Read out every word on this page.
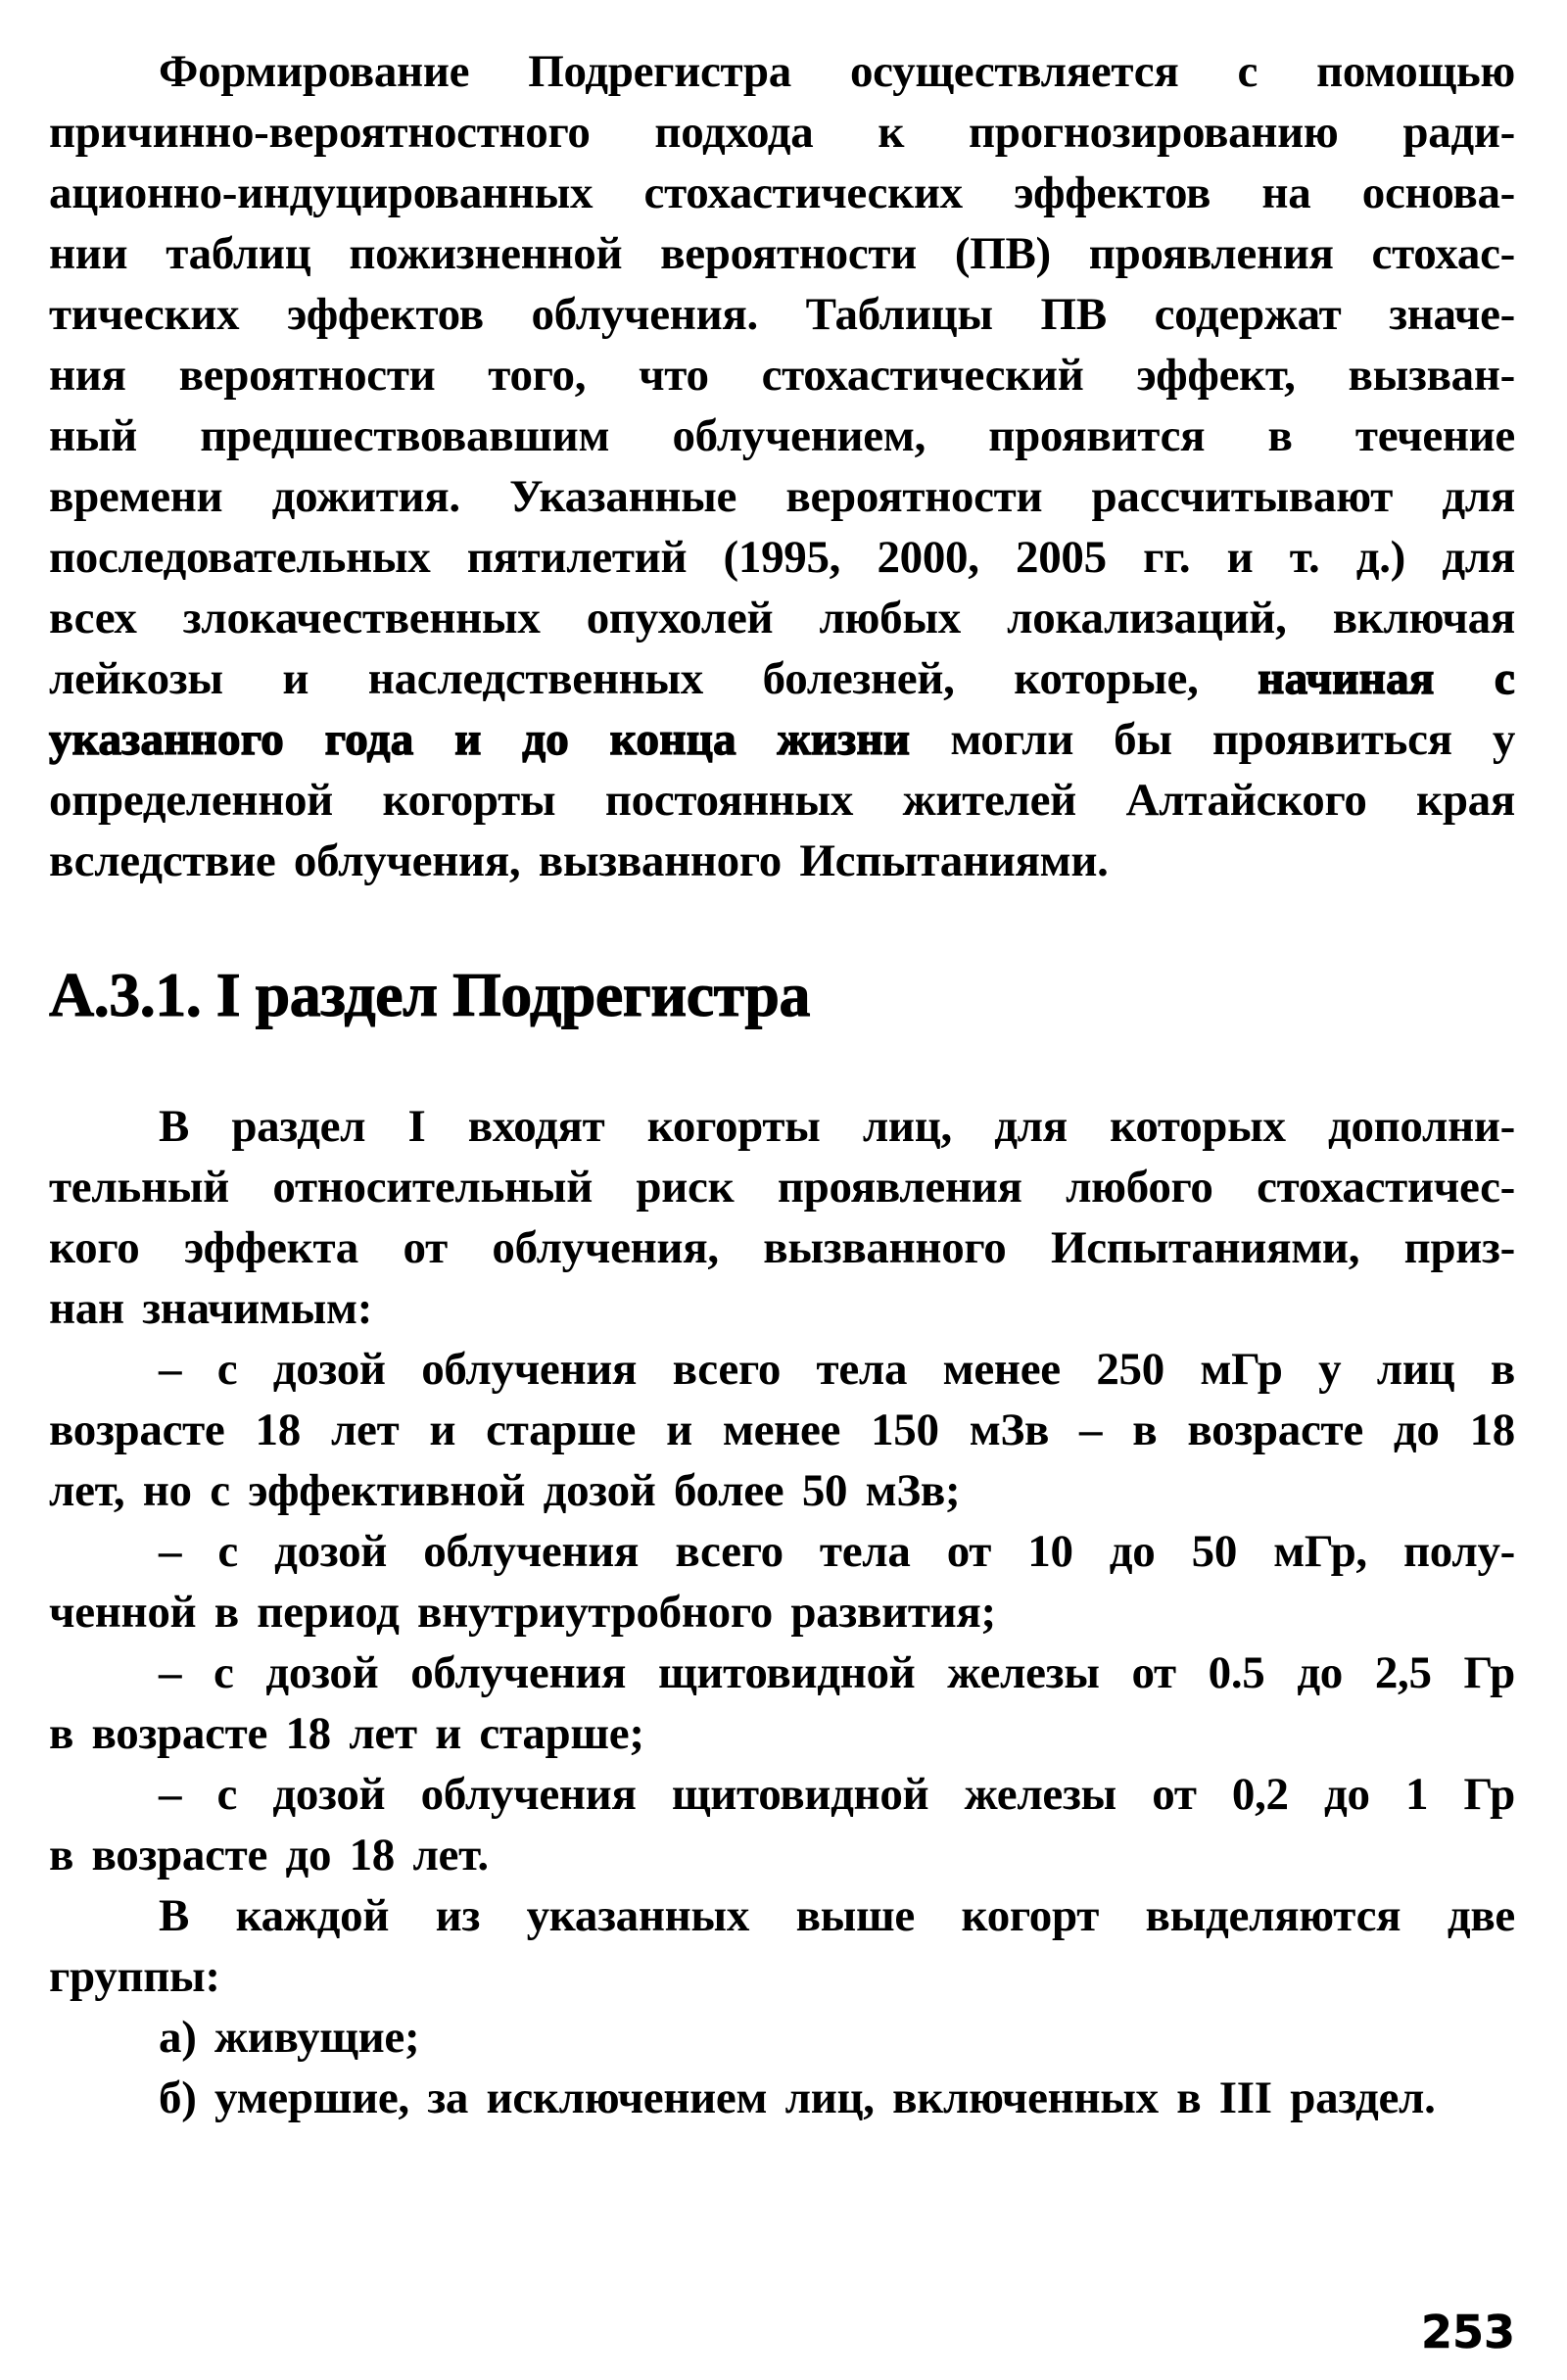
Формирование Подрегистра осуществляется с помощью
причинно-вероятностного подхода к прогнозированию ради-
ационно-индуцированных стохастических эффектов на основа-
нии таблиц пожизненной вероятности (ПВ) проявления стохас-
тических эффектов облучения. Таблицы ПВ содержат значе-
ния вероятности того, что стохастический эффект, вызван-
ный предшествовавшим облучением, проявится в течение
времени дожития. Указанные вероятности рассчитывают для
последовательных пятилетий (1995, 2000, 2005 гг. и т. д.) для
всех злокачественных опухолей любых локализаций, включая
лейкозы и наследственных болезней, которые, начиная с
указанного года и до конца жизни могли бы проявиться у
определенной когорты постоянных жителей Алтайского края
вследствие облучения, вызванного Испытаниями.
А.3.1. I раздел Подрегистра
В раздел I входят когорты лиц, для которых дополни-
тельный относительный риск проявления любого стохастичес-
кого эффекта от облучения, вызванного Испытаниями, приз-
нан значимым:
– с дозой облучения всего тела менее 250 мГр у лиц в
возрасте 18 лет и старше и менее 150 мЗв – в возрасте до 18
лет, но с эффективной дозой более 50 мЗв;
– с дозой облучения всего тела от 10 до 50 мГр, полу-
ченной в период внутриутробного развития;
– с дозой облучения щитовидной железы от 0.5 до 2,5 Гр
в возрасте 18 лет и старше;
– с дозой облучения щитовидной железы от 0,2 до 1 Гр
в возрасте до 18 лет.
В каждой из указанных выше когорт выделяются две
группы:
а) живущие;
б) умершие, за исключением лиц, включенных в III раздел.
253
